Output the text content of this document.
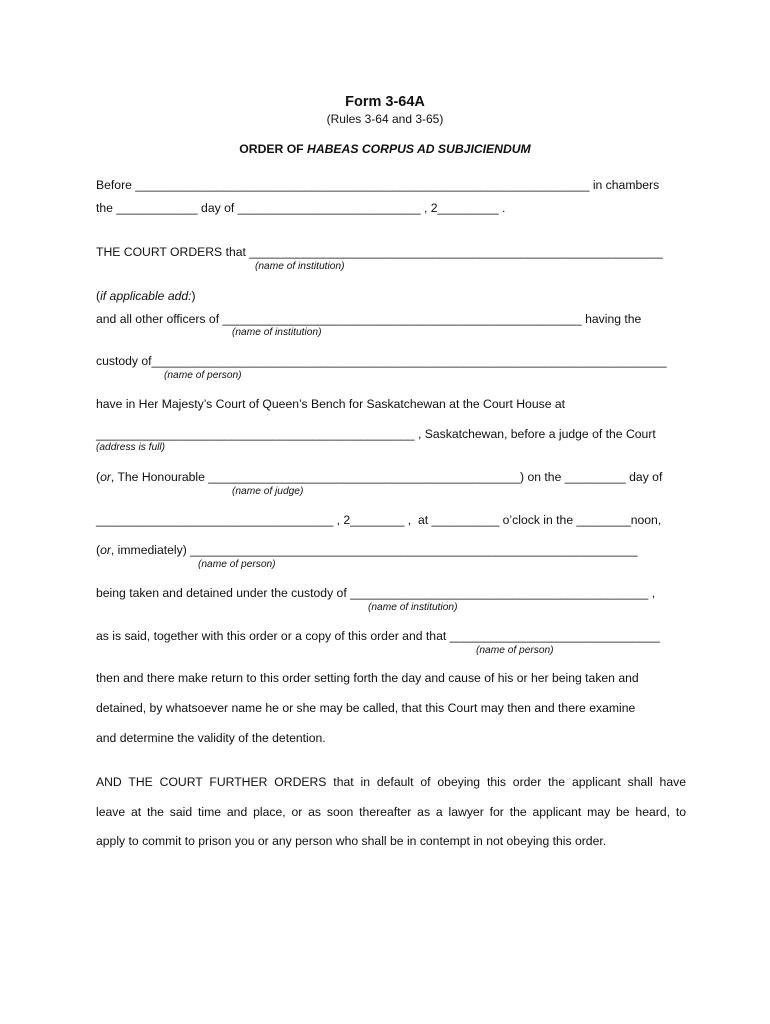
Form 3-64A
(Rules 3-64 and 3-65)
ORDER OF HABEAS CORPUS AD SUBJICIENDUM
Before ___________________________________________________________________ in chambers
the ____________ day of ___________________________ , 2_________ .
THE COURT ORDERS that _____________________________________________________________
(name of institution)
(if applicable add:)
and all other officers of _____________________________________________________ having the
(name of institution)
custody of____________________________________________________________________________
(name of person)
have in Her Majesty’s Court of Queen’s Bench for Saskatchewan at the Court House at
_______________________________________________ , Saskatchewan, before a judge of the Court
(address is full)
(or, The Honourable ______________________________________________) on the _________ day of
(name of judge)
___________________________________ , 2________ ,  at __________ o’clock in the ________noon,
(or, immediately) __________________________________________________________________
(name of person)
being taken and detained under the custody of ____________________________________________ ,
(name of institution)
as is said, together with this order or a copy of this order and that _______________________________
(name of person)
then and there make return to this order setting forth the day and cause of his or her being taken and
detained, by whatsoever name he or she may be called, that this Court may then and there examine
and determine the validity of the detention.
AND THE COURT FURTHER ORDERS that in default of obeying this order the applicant shall have
leave at the said time and place, or as soon thereafter as a lawyer for the applicant may be heard, to
apply to commit to prison you or any person who shall be in contempt in not obeying this order.
